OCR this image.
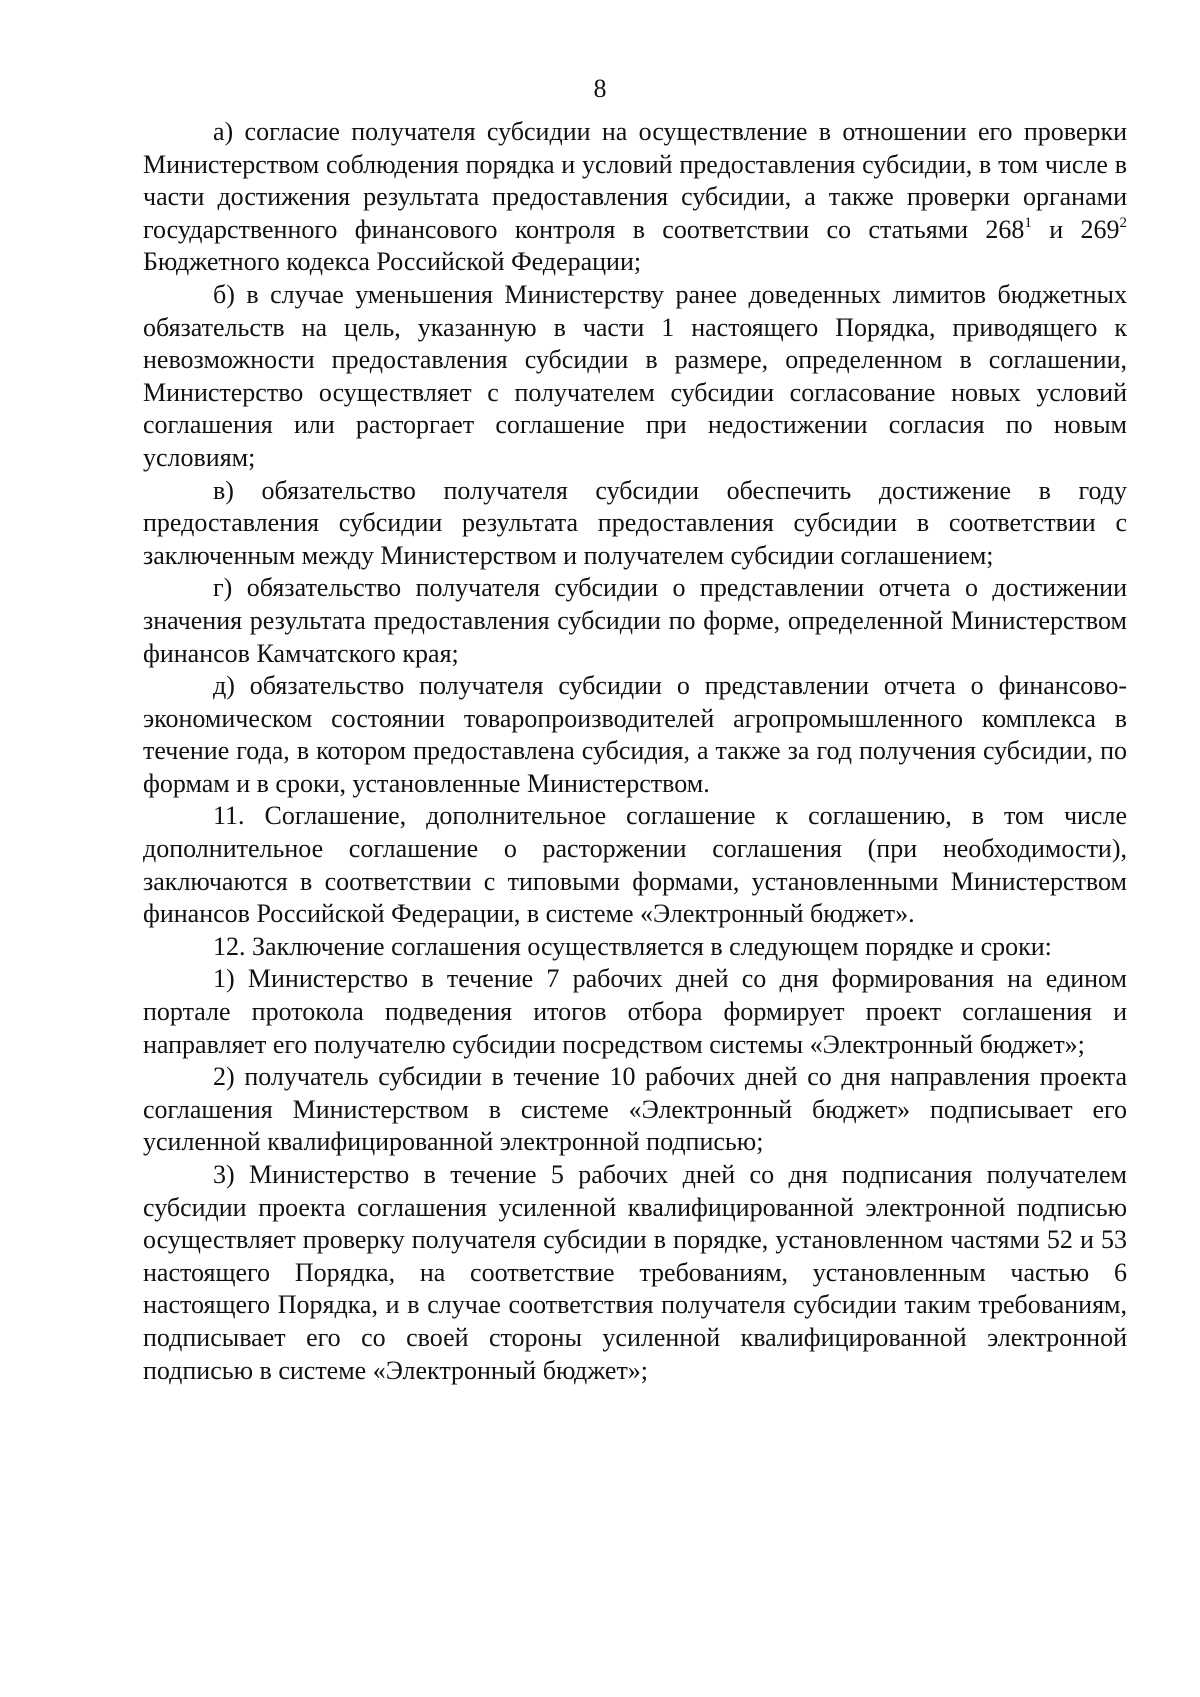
8

а) согласие получателя субсидии на осуществление в отношении его проверки Министерством соблюдения порядка и условий предоставления субсидии, в том числе в части достижения результата предоставления субсидии, а также проверки органами государственного финансового контроля в соответствии со статьями $268^1$ и $269^2$ Бюджетного кодекса Российской Федерации;

б) в случае уменьшения Министерству ранее доведенных лимитов бюджетных обязательств на цель, указанную в части 1 настоящего Порядка, приводящего к невозможности предоставления субсидии в размере, определенном в соглашении, Министерство осуществляет с получателем субсидии согласование новых условий соглашения или расторгает соглашение при недостижении согласия по новым условиям;

в) обязательство получателя субсидии обеспечить достижение в году предоставления субсидии результата предоставления субсидии в соответствии с заключенным между Министерством и получателем субсидии соглашением;

г) обязательство получателя субсидии о представлении отчета о достижении значения результата предоставления субсидии по форме, определенной Министерством финансов Камчатского края;

д) обязательство получателя субсидии о представлении отчета о финансово-экономическом состоянии товаропроизводителей агропромышленного комплекса в течение года, в котором предоставлена субсидия, а также за год получения субсидии, по формам и в сроки, установленные Министерством.

11. Соглашение, дополнительное соглашение к соглашению, в том числе дополнительное соглашение о расторжении соглашения (при необходимости), заключаются в соответствии с типовыми формами, установленными Министерством финансов Российской Федерации, в системе «Электронный бюджет».

12. Заключение соглашения осуществляется в следующем порядке и сроки:

1) Министерство в течение 7 рабочих дней со дня формирования на едином портале протокола подведения итогов отбора формирует проект соглашения и направляет его получателю субсидии посредством системы «Электронный бюджет»;

2) получатель субсидии в течение 10 рабочих дней со дня направления проекта соглашения Министерством в системе «Электронный бюджет» подписывает его усиленной квалифицированной электронной подписью;

3) Министерство в течение 5 рабочих дней со дня подписания получателем субсидии проекта соглашения усиленной квалифицированной электронной подписью осуществляет проверку получателя субсидии в порядке, установленном частями 52 и 53 настоящего Порядка, на соответствие требованиям, установленным частью 6 настоящего Порядка, и в случае соответствия получателя субсидии таким требованиям, подписывает его со своей стороны усиленной квалифицированной электронной подписью в системе «Электронный бюджет»;
